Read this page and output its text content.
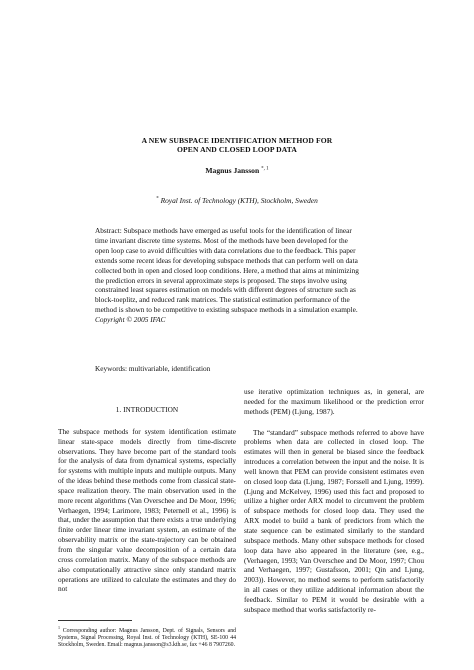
A NEW SUBSPACE IDENTIFICATION METHOD FOR
OPEN AND CLOSED LOOP DATA
Magnus Jansson $^{*, 1}$
* Royal Inst. of Technology (KTH), Stockholm, Sweden
Abstract: Subspace methods have emerged as useful tools for the identification of linear
time invariant discrete time systems. Most of the methods have been developed for the
open loop case to avoid difficulties with data correlations due to the feedback. This paper
extends some recent ideas for developing subspace methods that can perform well on data
collected both in open and closed loop conditions. Here, a method that aims at minimizing
the prediction errors in several approximate steps is proposed. The steps involve using
constrained least squares estimation on models with different degrees of structure such as
block-toeplitz, and reduced rank matrices. The statistical estimation performance of the
method is shown to be competitive to existing subspace methods in a simulation example.
Copyright © 2005 IFAC
Keywords: multivariable, identification
1. INTRODUCTION

The subspace methods for system identification estimate linear state-space models directly from time-discrete observations. They have become part of the standard tools for the analysis of data from dynamical systems, especially for systems with multiple inputs and multiple outputs. Many of the ideas behind these methods come from classical state-space realization theory. The main observation used in the more recent algorithms (Van Overschee and De Moor, 1996; Verhaegen, 1994; Larimore, 1983; Peternell et al., 1996) is that, under the assumption that there exists a true underlying finite order linear time invariant system, an estimate of the observability matrix or the state-trajectory can be obtained from the singular value decomposition of a certain data cross correlation matrix. Many of the subspace methods are also computationally attractive since only standard matrix operations are utilized to calculate the estimates and they do not

use iterative optimization techniques as, in general, are needed for the maximum likelihood or the prediction error methods (PEM) (Ljung, 1987).

The “standard” subspace methods referred to above have problems when data are collected in closed loop. The estimates will then in general be biased since the feedback introduces a correlation between the input and the noise. It is well known that PEM can provide consistent estimates even on closed loop data (Ljung, 1987; Forssell and Ljung, 1999). (Ljung and McKelvey, 1996) used this fact and proposed to utilize a higher order ARX model to circumvent the problem of subspace methods for closed loop data. They used the ARX model to build a bank of predictors from which the state sequence can be estimated similarly to the standard subspace methods. Many other subspace methods for closed loop data have also appeared in the literature (see, e.g., (Verhaegen, 1993; Van Overschee and De Moor, 1997; Chou and Verhaegen, 1997; Gustafsson, 2001; Qin and Ljung, 2003)). However, no method seems to perform satisfactorily in all cases or they utilize additional information about the feedback. Similar to PEM it would be desirable with a subspace method that works satisfactorily re-

$^1$ Corresponding author: Magnus Jansson, Dept. of Signals, Sensors and Systems, Signal Processing, Royal Inst. of Technology (KTH), SE-100 44 Stockholm, Sweden. Email: magnus.jansson@s3.kth.se, fax +46 8 7907260.
